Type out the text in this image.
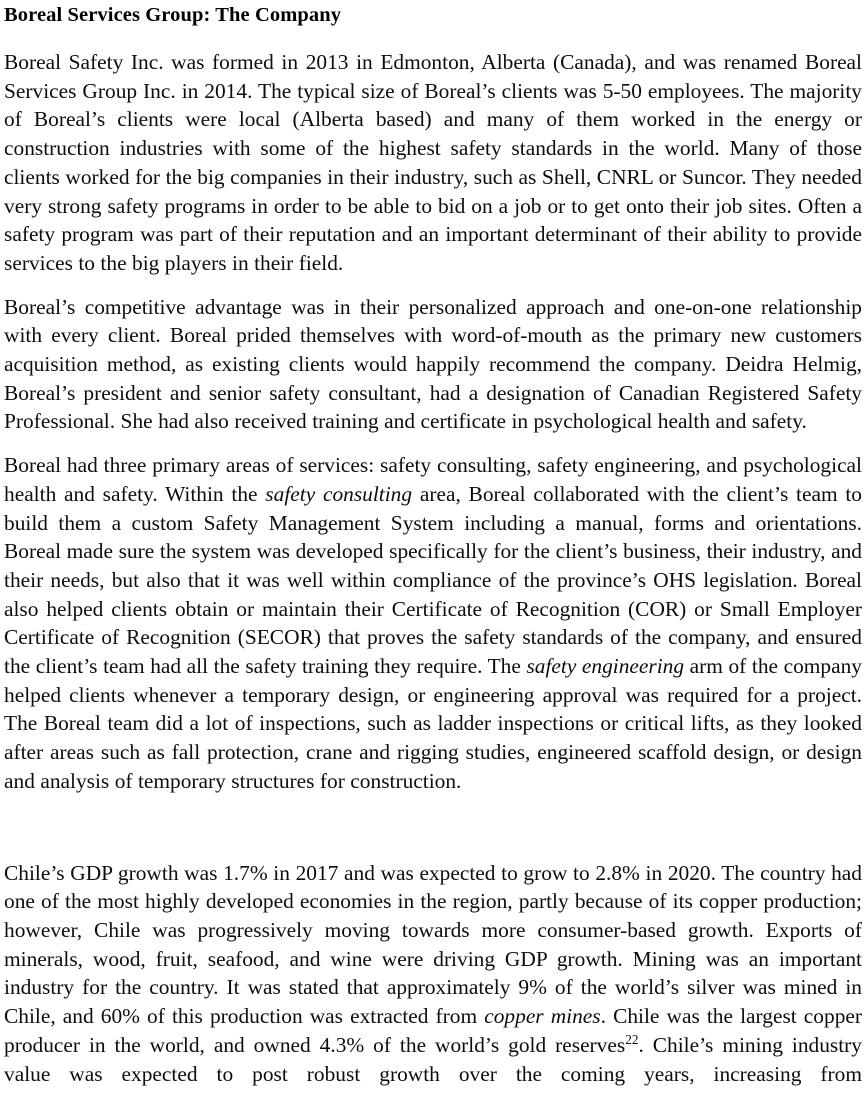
Boreal Services Group: The Company

Boreal Safety Inc. was formed in 2013 in Edmonton, Alberta (Canada), and was renamed Boreal Services Group Inc. in 2014. The typical size of Boreal’s clients was 5-50 employees. The majority of Boreal’s clients were local (Alberta based) and many of them worked in the energy or construction industries with some of the highest safety standards in the world. Many of those clients worked for the big companies in their industry, such as Shell, CNRL or Suncor. They needed very strong safety programs in order to be able to bid on a job or to get onto their job sites. Often a safety program was part of their reputation and an important determinant of their ability to provide services to the big players in their field.

Boreal’s competitive advantage was in their personalized approach and one-on-one relationship with every client. Boreal prided themselves with word-of-mouth as the primary new customers acquisition method, as existing clients would happily recommend the company. Deidra Helmig, Boreal’s president and senior safety consultant, had a designation of Canadian Registered Safety Professional. She had also received training and certificate in psychological health and safety.

Boreal had three primary areas of services: safety consulting, safety engineering, and psychological health and safety. Within the safety consulting area, Boreal collaborated with the client’s team to build them a custom Safety Management System including a manual, forms and orientations. Boreal made sure the system was developed specifically for the client’s business, their industry, and their needs, but also that it was well within compliance of the province’s OHS legislation. Boreal also helped clients obtain or maintain their Certificate of Recognition (COR) or Small Employer Certificate of Recognition (SECOR) that proves the safety standards of the company, and ensured the client’s team had all the safety training they require. The safety engineering arm of the company helped clients whenever a temporary design, or engineering approval was required for a project. The Boreal team did a lot of inspections, such as ladder inspections or critical lifts, as they looked after areas such as fall protection, crane and rigging studies, engineered scaffold design, or design and analysis of temporary structures for construction.

Chile’s GDP growth was 1.7% in 2017 and was expected to grow to 2.8% in 2020. The country had one of the most highly developed economies in the region, partly because of its copper production; however, Chile was progressively moving towards more consumer-based growth. Exports of minerals, wood, fruit, seafood, and wine were driving GDP growth. Mining was an important industry for the country. It was stated that approximately 9% of the world’s silver was mined in Chile, and 60% of this production was extracted from copper mines. Chile was the largest copper producer in the world, and owned 4.3% of the world’s gold reserves$^{22}$. Chile’s mining industry value was expected to post robust growth over the coming years, increasing from
